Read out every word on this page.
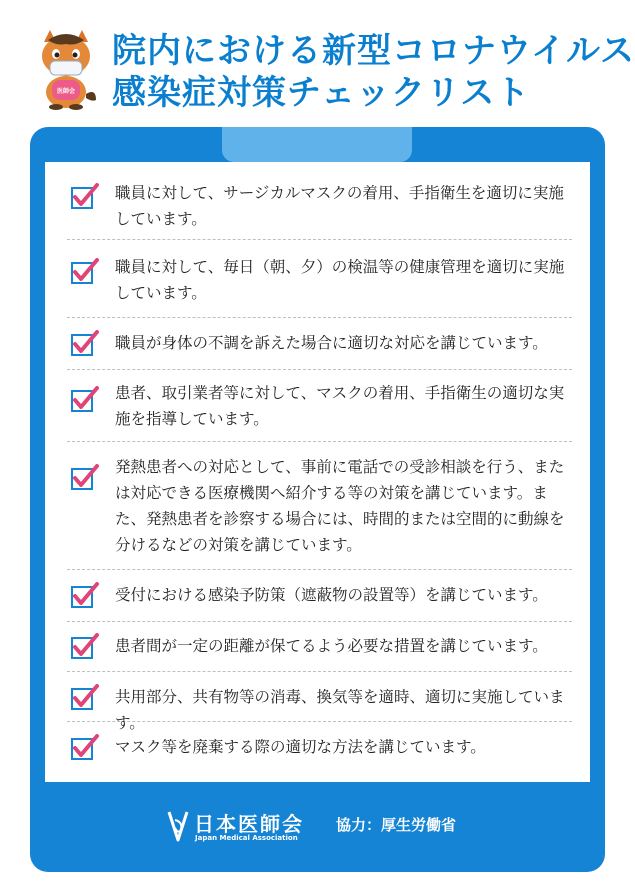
医師会
院内における新型コロナウイルス
感染症対策チェックリスト
職員に対して、サージカルマスクの着用、手指衛生を適切に実施しています。
職員に対して、毎日（朝、夕）の検温等の健康管理を適切に実施しています。
職員が身体の不調を訴えた場合に適切な対応を講じています。
患者、取引業者等に対して、マスクの着用、手指衛生の適切な実施を指導しています。
発熱患者への対応として、事前に電話での受診相談を行う、または対応できる医療機関へ紹介する等の対策を講じています。また、発熱患者を診察する場合には、時間的または空間的に動線を分けるなどの対策を講じています。
受付における感染予防策（遮蔽物の設置等）を講じています。
患者間が一定の距離が保てるよう必要な措置を講じています。
共用部分、共有物等の消毒、換気等を適時、適切に実施しています。
マスク等を廃棄する際の適切な方法を講じています。
日本医師会
Japan Medical Association
協力：厚生労働省
